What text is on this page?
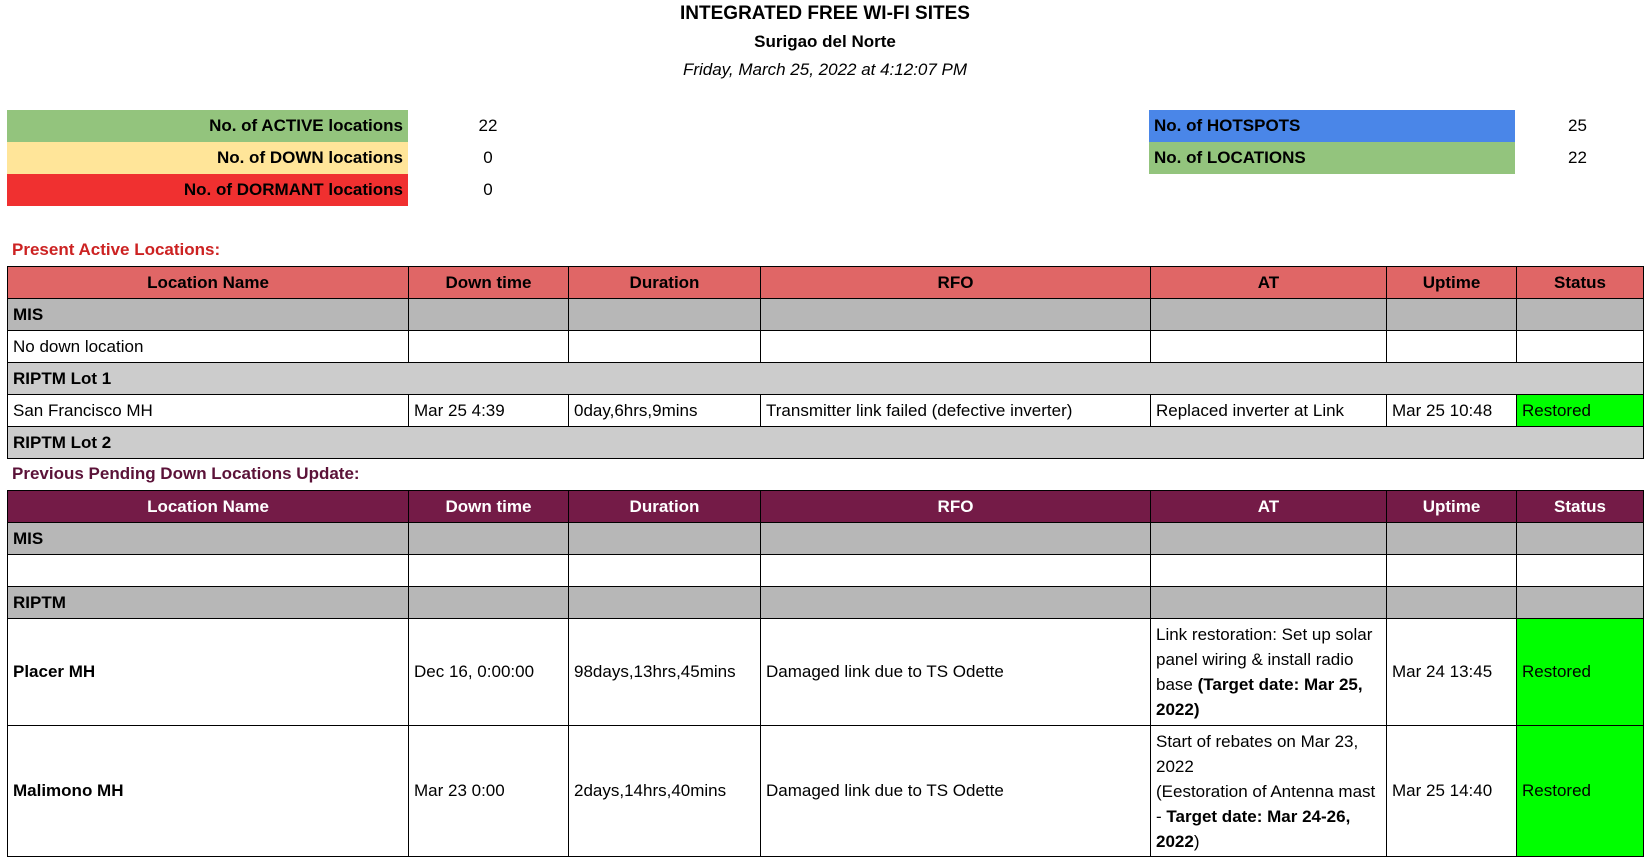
INTEGRATED FREE WI-FI SITES
Surigao del Norte
Friday, March 25, 2022 at 4:12:07 PM
No. of ACTIVE locations	22
No. of DOWN locations	0
No. of DORMANT locations	0
No. of HOTSPOTS	25
No. of LOCATIONS	22
Present Active Locations:
Location Name	Down time	Duration	RFO	AT	Uptime	Status
MIS						
No down location						
RIPTM Lot 1						
San Francisco MH	Mar 25 4:39	0day,6hrs,9mins	Transmitter link failed (defective inverter)	Replaced inverter at Link	Mar 25 10:48	Restored
RIPTM Lot 2						
Previous Pending Down Locations Update:
Location Name	Down time	Duration	RFO	AT	Uptime	Status
MIS						

RIPTM						
Placer MH	Dec 16, 0:00:00	98days,13hrs,45mins	Damaged link due to TS Odette	Link restoration: Set up solar panel wiring & install radio base (Target date: Mar 25, 2022)	Mar 24 13:45	Restored
Malimono MH	Mar 23 0:00	2days,14hrs,40mins	Damaged link due to TS Odette	Start of rebates on Mar 23, 2022
(Eestoration of Antenna mast - Target date: Mar 24-26, 2022)	Mar 25 14:40	Restored
